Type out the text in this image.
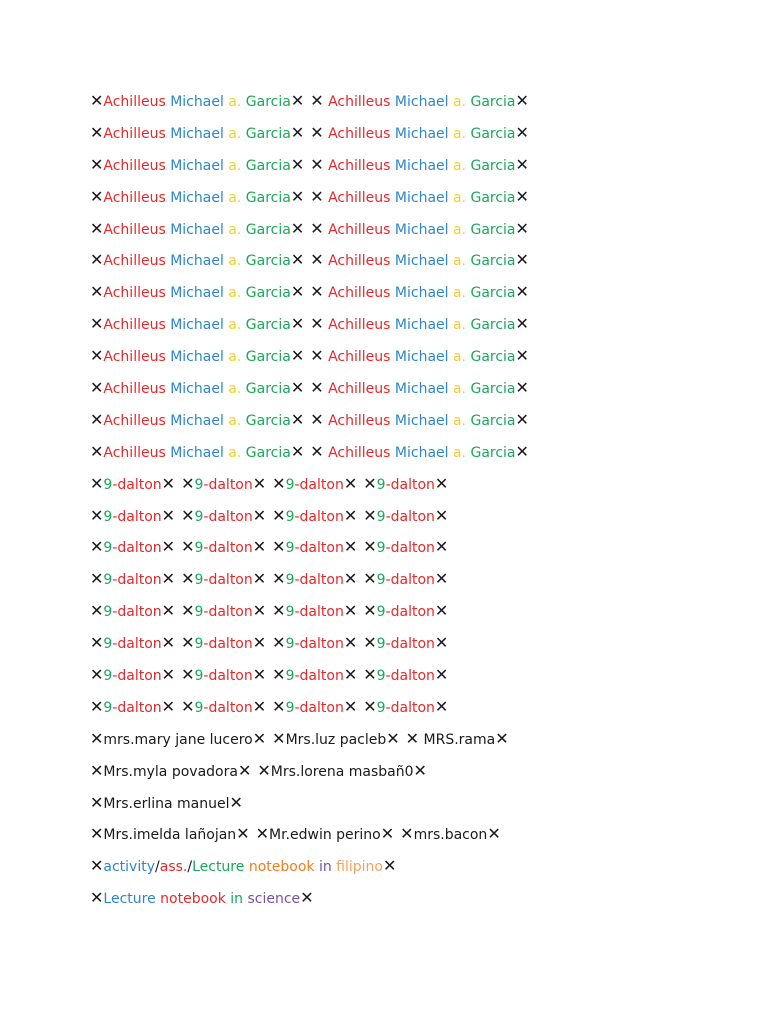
✕Achilleus Michael a. Garcia✕ ✕ Achilleus Michael a. Garcia✕
✕Achilleus Michael a. Garcia✕ ✕ Achilleus Michael a. Garcia✕
✕Achilleus Michael a. Garcia✕ ✕ Achilleus Michael a. Garcia✕
✕Achilleus Michael a. Garcia✕ ✕ Achilleus Michael a. Garcia✕
✕Achilleus Michael a. Garcia✕ ✕ Achilleus Michael a. Garcia✕
✕Achilleus Michael a. Garcia✕ ✕ Achilleus Michael a. Garcia✕
✕Achilleus Michael a. Garcia✕ ✕ Achilleus Michael a. Garcia✕
✕Achilleus Michael a. Garcia✕ ✕ Achilleus Michael a. Garcia✕
✕Achilleus Michael a. Garcia✕ ✕ Achilleus Michael a. Garcia✕
✕Achilleus Michael a. Garcia✕ ✕ Achilleus Michael a. Garcia✕
✕Achilleus Michael a. Garcia✕ ✕ Achilleus Michael a. Garcia✕
✕Achilleus Michael a. Garcia✕ ✕ Achilleus Michael a. Garcia✕
✕9-dalton✕ ✕9-dalton✕ ✕9-dalton✕ ✕9-dalton✕
✕9-dalton✕ ✕9-dalton✕ ✕9-dalton✕ ✕9-dalton✕
✕9-dalton✕ ✕9-dalton✕ ✕9-dalton✕ ✕9-dalton✕
✕9-dalton✕ ✕9-dalton✕ ✕9-dalton✕ ✕9-dalton✕
✕9-dalton✕ ✕9-dalton✕ ✕9-dalton✕ ✕9-dalton✕
✕9-dalton✕ ✕9-dalton✕ ✕9-dalton✕ ✕9-dalton✕
✕9-dalton✕ ✕9-dalton✕ ✕9-dalton✕ ✕9-dalton✕
✕9-dalton✕ ✕9-dalton✕ ✕9-dalton✕ ✕9-dalton✕
✕mrs.mary jane lucero✕ ✕Mrs.luz pacleb✕ ✕ MRS.rama✕
✕Mrs.myla povadora✕ ✕Mrs.lorena masbañ0✕
✕Mrs.erlina manuel✕
✕Mrs.imelda lañojan✕ ✕Mr.edwin perino✕ ✕mrs.bacon✕
✕activity/ass./Lecture notebook in filipino✕
✕Lecture notebook in science✕
